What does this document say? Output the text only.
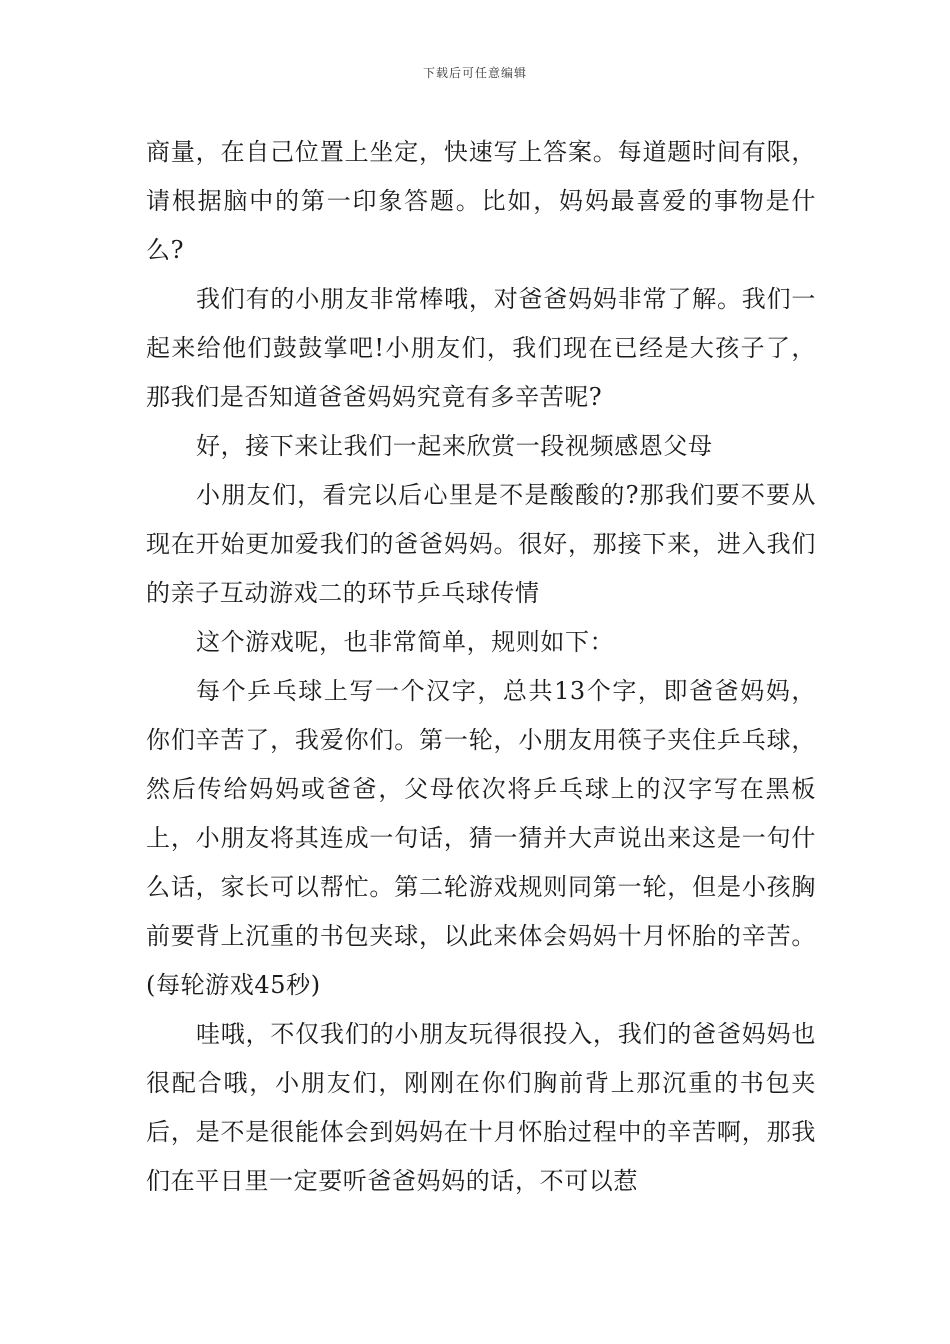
下载后可任意编辑

商量，在自己位置上坐定，快速写上答案。每道题时间有限，请根据脑中的第一印象答题。比如，妈妈最喜爱的事物是什么?

我们有的小朋友非常棒哦，对爸爸妈妈非常了解。我们一起来给他们鼓鼓掌吧!小朋友们，我们现在已经是大孩子了，那我们是否知道爸爸妈妈究竟有多辛苦呢?

好，接下来让我们一起来欣赏一段视频感恩父母

小朋友们，看完以后心里是不是酸酸的?那我们要不要从现在开始更加爱我们的爸爸妈妈。很好，那接下来，进入我们的亲子互动游戏二的环节乒乓球传情

这个游戏呢，也非常简单，规则如下：

每个乒乓球上写一个汉字，总共13个字，即爸爸妈妈，你们辛苦了，我爱你们。第一轮，小朋友用筷子夹住乒乓球，然后传给妈妈或爸爸，父母依次将乒乓球上的汉字写在黑板上，小朋友将其连成一句话，猜一猜并大声说出来这是一句什么话，家长可以帮忙。第二轮游戏规则同第一轮，但是小孩胸前要背上沉重的书包夹球，以此来体会妈妈十月怀胎的辛苦。(每轮游戏45秒)

哇哦，不仅我们的小朋友玩得很投入，我们的爸爸妈妈也很配合哦，小朋友们，刚刚在你们胸前背上那沉重的书包夹后，是不是很能体会到妈妈在十月怀胎过程中的辛苦啊，那我们在平日里一定要听爸爸妈妈的话，不可以惹
